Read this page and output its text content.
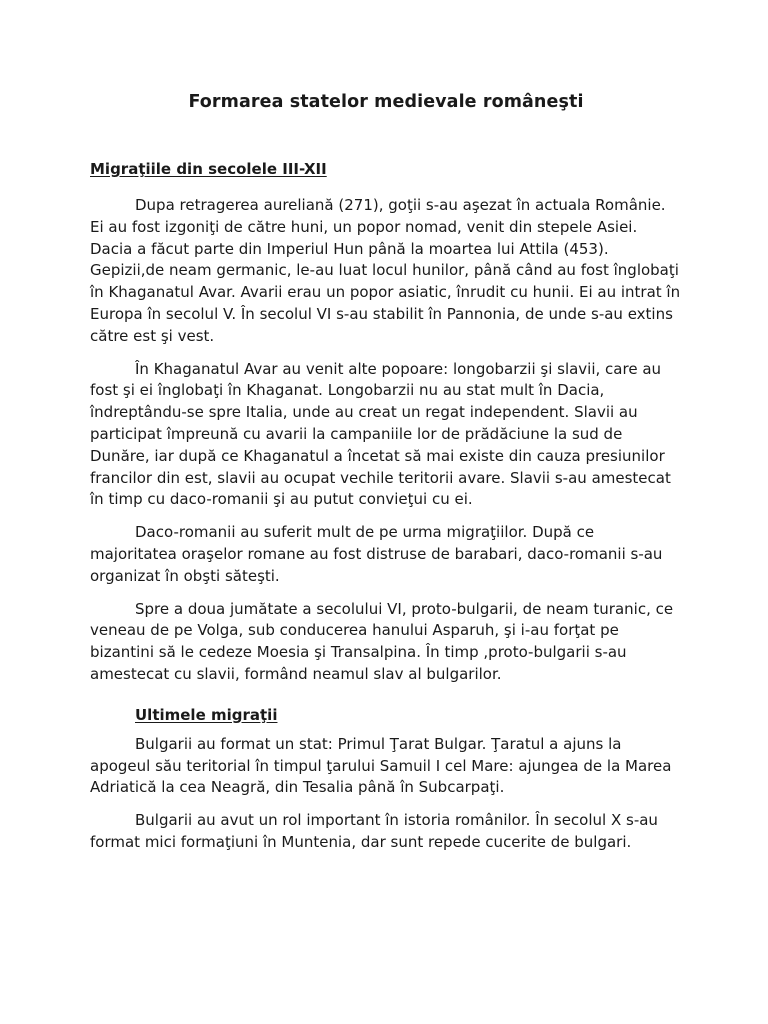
Formarea statelor medievale româneşti
Migraţiile din secolele III-XII

Dupa retragerea aureliană (271), goţii s-au aşezat în actuala Românie. Ei au fost izgoniţi de către huni, un popor nomad, venit din stepele Asiei. Dacia a făcut parte din Imperiul Hun până la moartea lui Attila (453). Gepizii,de neam germanic, le-au luat locul hunilor, până când au fost înglobaţi în Khaganatul Avar. Avarii erau un popor asiatic, înrudit cu hunii. Ei au intrat în Europa în secolul V. În secolul VI s-au stabilit în Pannonia, de unde s-au extins către est şi vest.

În Khaganatul Avar au venit alte popoare: longobarzii şi slavii, care au fost şi ei înglobaţi în Khaganat. Longobarzii nu au stat mult în Dacia, îndreptându-se spre Italia, unde au creat un regat independent. Slavii au participat împreună cu avarii la campaniile lor de prădăciune la sud de Dunăre, iar după ce Khaganatul a încetat să mai existe din cauza presiunilor francilor din est, slavii au ocupat vechile teritorii avare. Slavii s-au amestecat în timp cu daco-romanii şi au putut convieţui cu ei.

Daco-romanii au suferit mult de pe urma migraţiilor. După ce majoritatea oraşelor romane au fost distruse de barabari, daco-romanii s-au organizat în obşti săteşti.

Spre a doua jumătate a secolului VI, proto-bulgarii, de neam turanic, ce veneau de pe Volga, sub conducerea hanului Asparuh, şi i-au forţat pe bizantini să le cedeze Moesia şi Transalpina. În timp ,proto-bulgarii s-au amestecat cu slavii, formând neamul slav al bulgarilor.

Ultimele migraţii

Bulgarii au format un stat: Primul Ţarat Bulgar. Ţaratul a ajuns la apogeul său teritorial în timpul ţarului Samuil I cel Mare: ajungea de la Marea Adriatică la cea Neagră, din Tesalia până în Subcarpaţi.

Bulgarii au avut un rol important în istoria românilor. În secolul X s-au format mici formaţiuni în Muntenia, dar sunt repede cucerite de bulgari.
